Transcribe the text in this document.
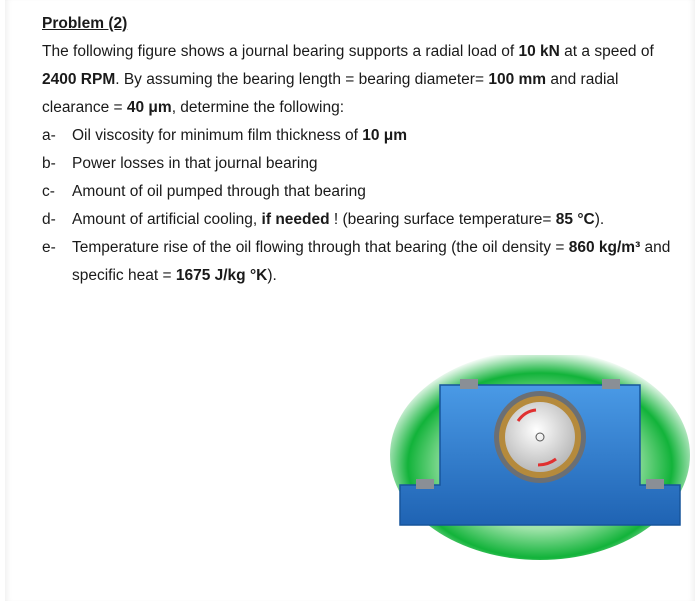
Problem (2)

The following figure shows a journal bearing supports a radial load of 10 kN at a speed of 2400 RPM. By assuming the bearing length = bearing diameter= 100 mm and radial clearance = 40 μm, determine the following:

a-	Oil viscosity for minimum film thickness of 10 μm
b-	Power losses in that journal bearing
c-	Amount of oil pumped through that bearing
d-	Amount of artificial cooling, if needed ! (bearing surface temperature= 85 °C).
e-	Temperature rise of the oil flowing through that bearing (the oil density = 860 kg/m³ and specific heat = 1675 J/kg °K).
